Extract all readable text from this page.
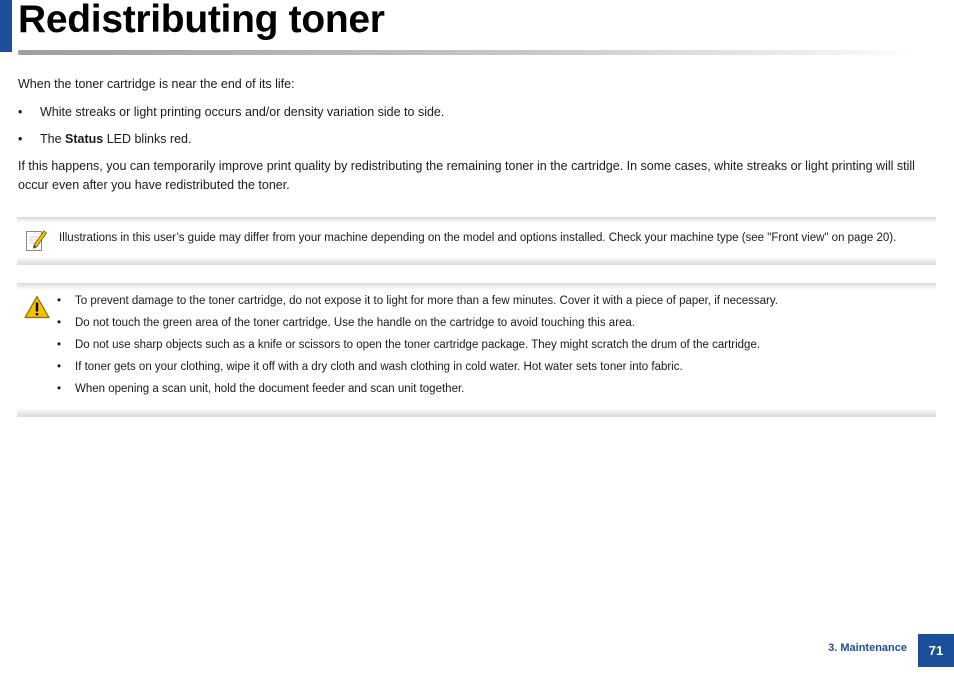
Redistributing toner
When the toner cartridge is near the end of its life:
• White streaks or light printing occurs and/or density variation side to side.
• The Status LED blinks red.
If this happens, you can temporarily improve print quality by redistributing the remaining toner in the cartridge. In some cases, white streaks or light printing will still occur even after you have redistributed the toner.
Illustrations in this user’s guide may differ from your machine depending on the model and options installed. Check your machine type (see "Front view" on page 20).
• To prevent damage to the toner cartridge, do not expose it to light for more than a few minutes. Cover it with a piece of paper, if necessary.
• Do not touch the green area of the toner cartridge. Use the handle on the cartridge to avoid touching this area.
• Do not use sharp objects such as a knife or scissors to open the toner cartridge package. They might scratch the drum of the cartridge.
• If toner gets on your clothing, wipe it off with a dry cloth and wash clothing in cold water. Hot water sets toner into fabric.
• When opening a scan unit, hold the document feeder and scan unit together.
3. Maintenance	71
